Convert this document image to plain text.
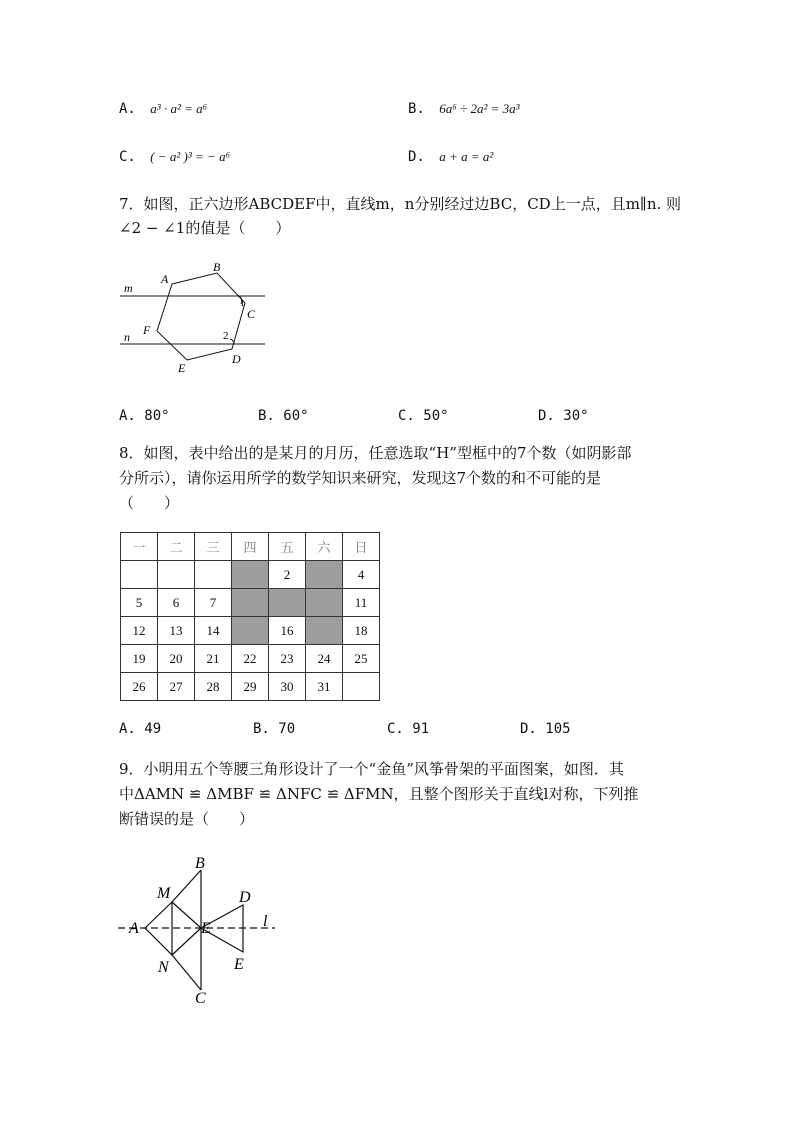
A. a³ · a² = a⁶	B. 6a⁶ ÷ 2a² = 3a³
C. ( − a² )³ = − a⁶	D. a + a = a²
7．如图，正六边形ABCDEF中，直线m，n分别经过边BC，CD上一点，且m∥n. 则
∠2 − ∠1的值是（　　）
m
n
A
B
C
D
E
F
1
2
A. 80°	B. 60°	C. 50°	D. 30°
8．如图，表中给出的是某月的月历，任意选取“H”型框中的7个数（如阴影部
分所示），请你运用所学的数学知识来研究，发现这7个数的和不可能的是
（　　）
一	二	三	四	五	六	日
				2		4
5	6	7				11
12	13	14		16		18
19	20	21	22	23	24	25
26	27	28	29	30	31	
A. 49	B. 70	C. 91	D. 105
9．小明用五个等腰三角形设计了一个“金鱼”风筝骨架的平面图案，如图．其
中ΔAMN ≌ ΔMBF ≌ ΔNFC ≌ ΔFMN，且整个图形关于直线l对称，下列推
断错误的是（　　）
B
M
A	E
D
l
N	E
C
